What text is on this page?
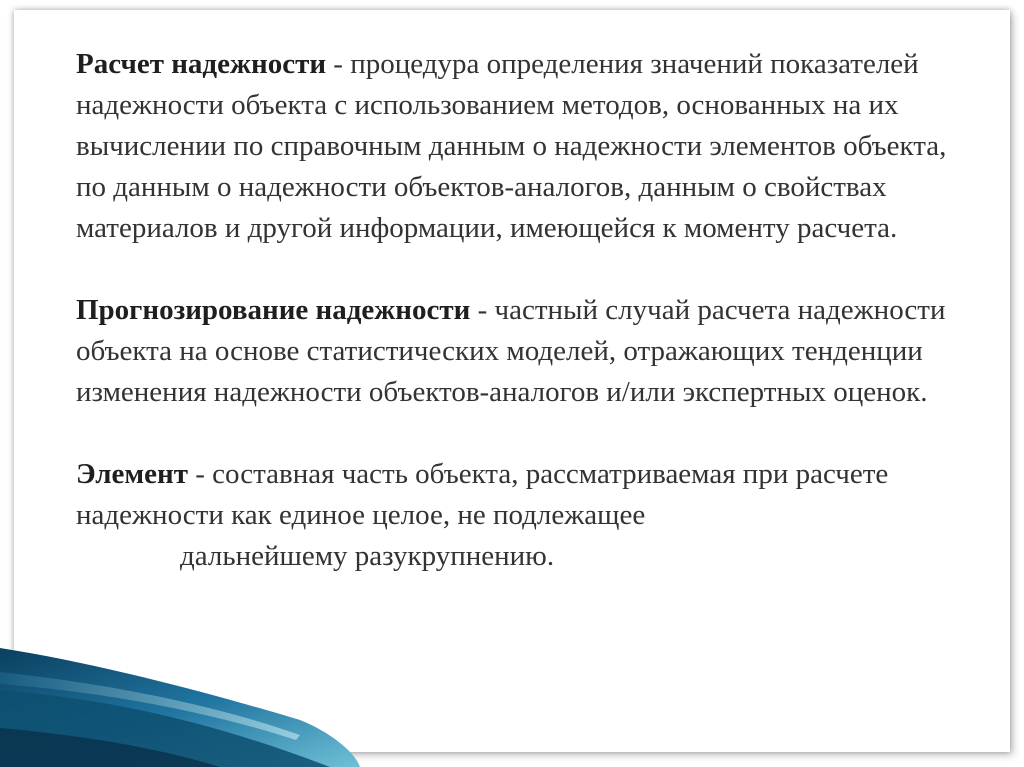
Расчет надежности - процедура определения значений показателей надежности объекта с использованием методов, основанных на их вычислении по справочным данным о надежности элементов объекта, по данным о надежности объектов-аналогов, данным о свойствах материалов и другой информации, имеющейся к моменту расчета.

Прогнозирование надежности - частный случай расчета надежности объекта на основе статистических моделей, отражающих тенденции изменения надежности объектов-аналогов и/или экспертных оценок.

Элемент - составная часть объекта, рассматриваемая при расчете надежности как единое целое, не подлежащее
дальнейшему разукрупнению.
